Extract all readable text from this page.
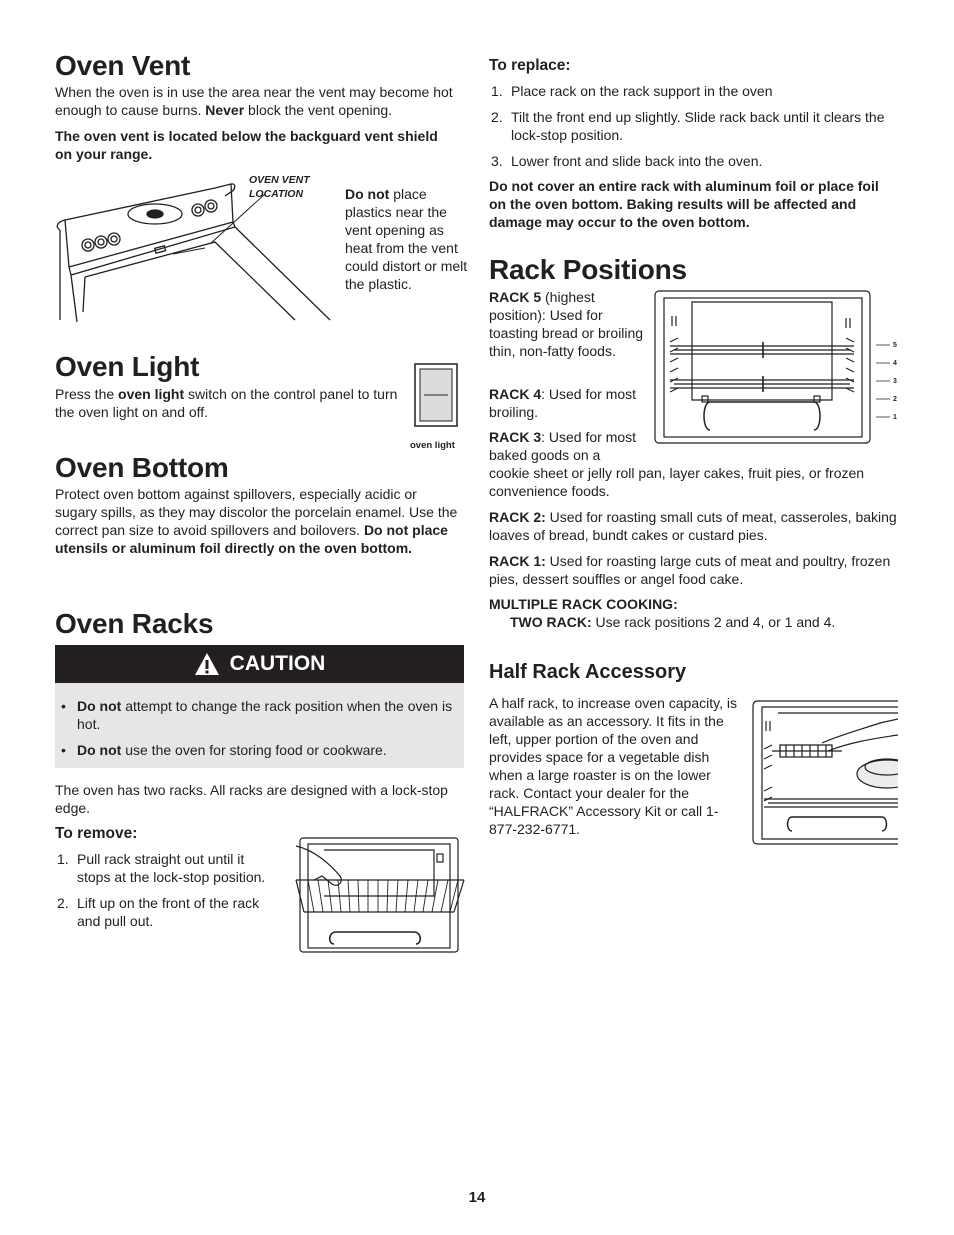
Oven Vent

When the oven is in use the area near the vent may become hot enough to cause burns. Never block the vent opening.

The oven vent is located below the backguard vent shield on your range.

OVEN VENT LOCATION	Do not place plastics near the vent opening as heat from the vent could distort or melt the plastic.

Oven Light

Press the oven light switch on the control panel to turn the oven light on and off.

oven light
Oven Bottom

Protect oven bottom against spillovers, especially acidic or sugary spills, as they may discolor the porcelain enamel. Use the correct pan size to avoid spillovers and boilovers. Do not place utensils or aluminum foil directly on the oven bottom.

Oven Racks
CAUTION
• Do not attempt to change the rack position when the oven is hot.
• Do not use the oven for storing food or cookware.

The oven has two racks. All racks are designed with a lock-stop edge.

To remove:
1. Pull rack straight out until it stops at the lock-stop position.
2. Lift up on the front of the rack and pull out.
To replace:
1. Place rack on the rack support in the oven
2. Tilt the front end up slightly. Slide rack back until it clears the lock-stop position.
3. Lower front and slide back into the oven.

Do not cover an entire rack with aluminum foil or place foil on the oven bottom. Baking results will be affected and damage may occur to the oven bottom.

Rack Positions

RACK 5 (highest position): Used for toasting bread or broiling thin, non-fatty foods.

RACK 4: Used for most broiling.

RACK 3: Used for most baked goods on a

cookie sheet or jelly roll pan, layer cakes, fruit pies, or frozen convenience foods.

RACK 2: Used for roasting small cuts of meat, casseroles, baking loaves of bread, bundt cakes or custard pies.

RACK 1: Used for roasting large cuts of meat and poultry, frozen pies, dessert souffles or angel food cake.

MULTIPLE RACK COOKING:

TWO RACK: Use rack positions 2 and 4, or 1 and 4.

5
4
3
2
1
Half Rack Accessory

A half rack, to increase oven capacity, is available as an accessory. It fits in the left, upper portion of the oven and provides space for a vegetable dish when a large roaster is on the lower rack. Contact your dealer for the “HALFRACK” Accessory Kit or call 1-877-232-6771.

14
